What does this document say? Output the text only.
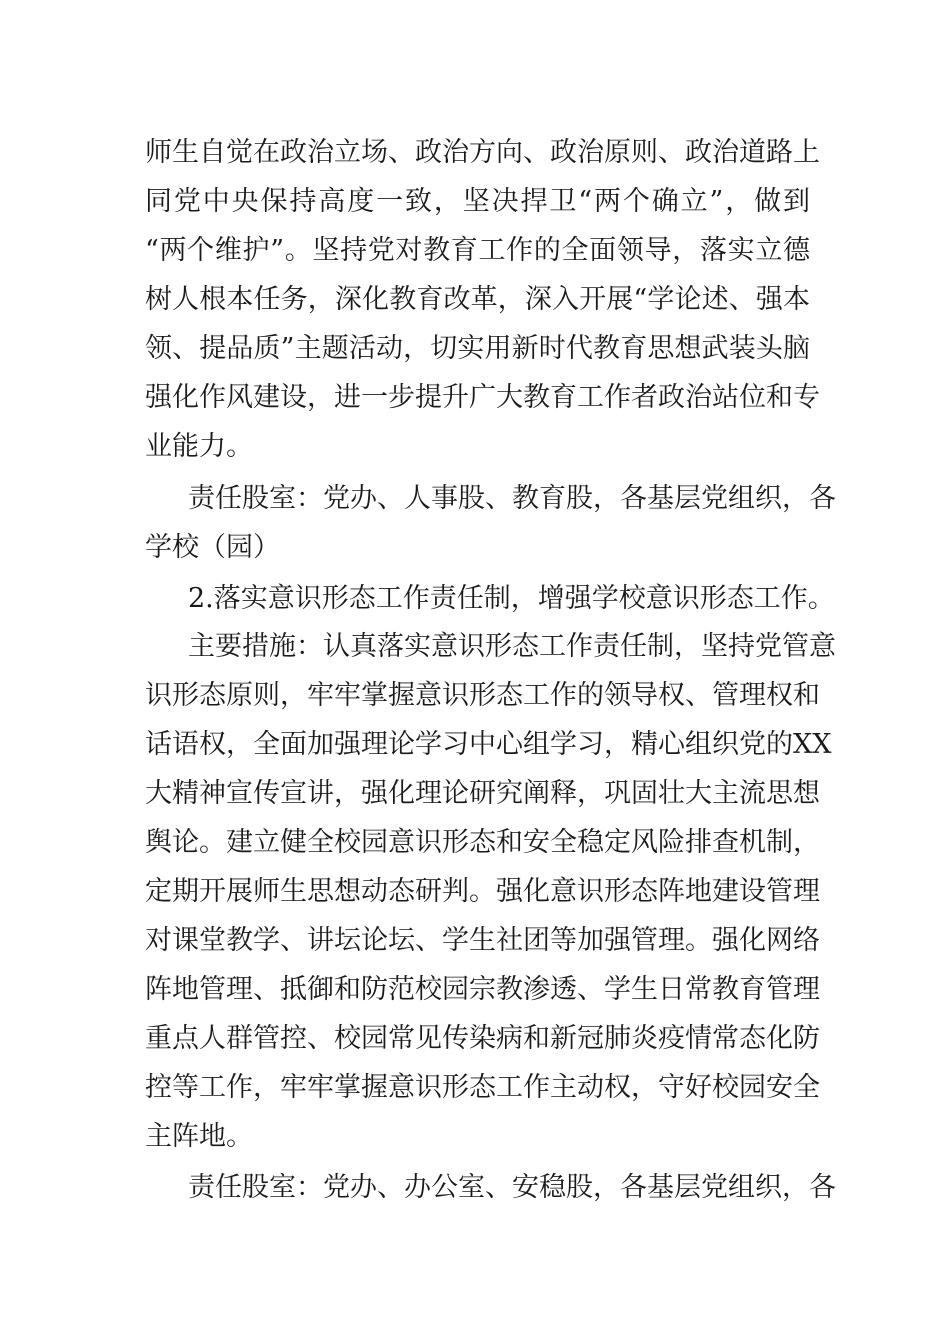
师生自觉在政治立场、政治方向、政治原则、政治道路上
同党中央保持高度一致，坚决捍卫“两个确立”，做到
“两个维护”。坚持党对教育工作的全面领导，落实立德
树人根本任务，深化教育改革，深入开展“学论述、强本
领、提品质”主题活动，切实用新时代教育思想武装头脑
强化作风建设，进一步提升广大教育工作者政治站位和专
业能力。
责任股室：党办、人事股、教育股，各基层党组织，各
学校（园）
2.落实意识形态工作责任制，增强学校意识形态工作。
主要措施：认真落实意识形态工作责任制，坚持党管意
识形态原则，牢牢掌握意识形态工作的领导权、管理权和
话语权，全面加强理论学习中心组学习，精心组织党的XX
大精神宣传宣讲，强化理论研究阐释，巩固壮大主流思想
舆论。建立健全校园意识形态和安全稳定风险排查机制，
定期开展师生思想动态研判。强化意识形态阵地建设管理
对课堂教学、讲坛论坛、学生社团等加强管理。强化网络
阵地管理、抵御和防范校园宗教渗透、学生日常教育管理
重点人群管控、校园常见传染病和新冠肺炎疫情常态化防
控等工作，牢牢掌握意识形态工作主动权，守好校园安全
主阵地。
责任股室：党办、办公室、安稳股，各基层党组织，各
